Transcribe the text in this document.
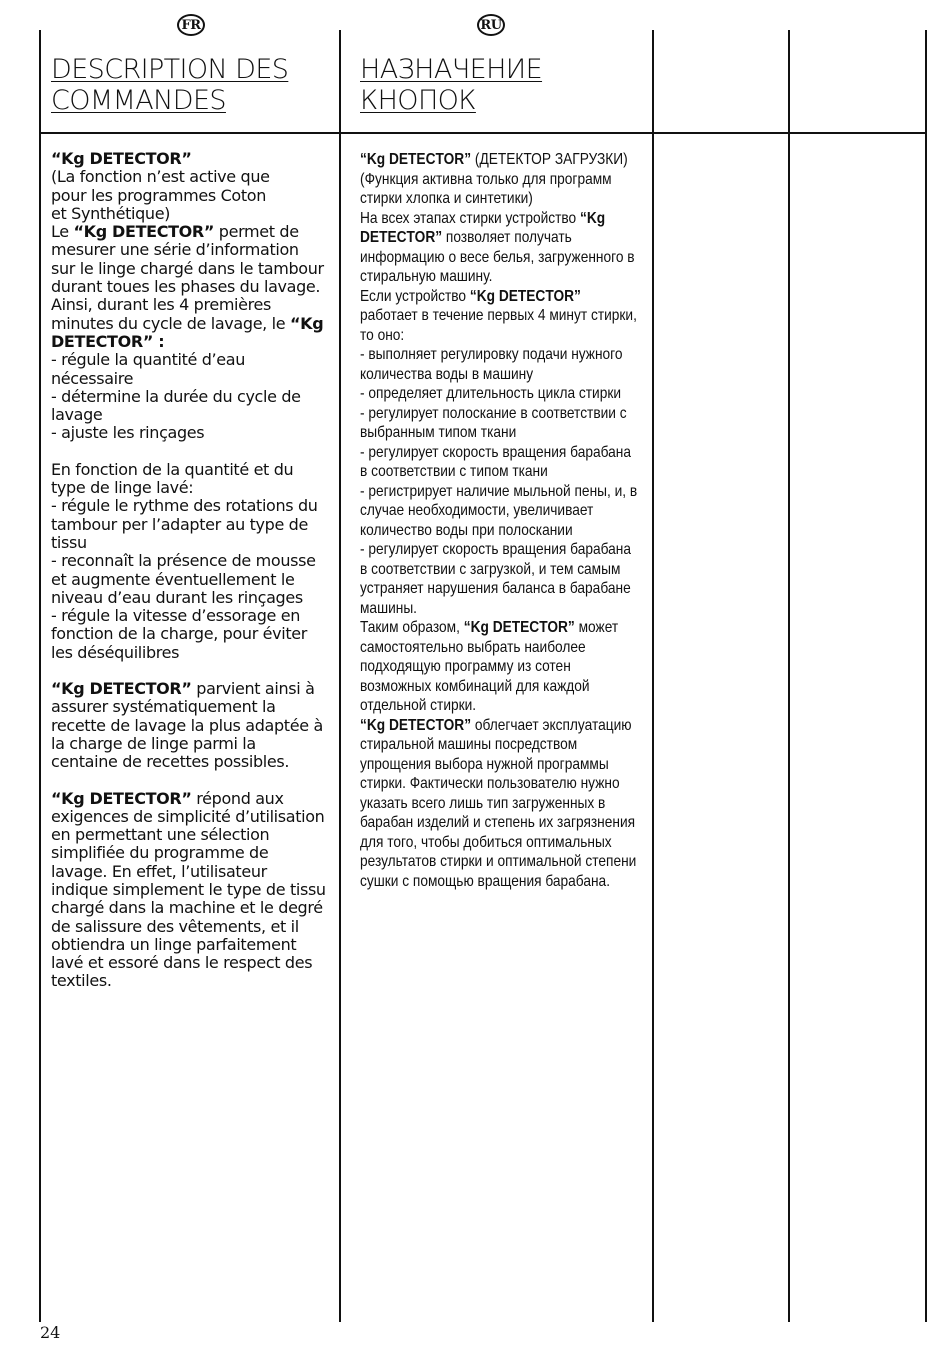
FR	RU
DESCRIPTION DES
COMMANDES
НАЗНАЧЕНИЕ
КНОПОК

“Kg DETECTOR”

(La fonction n’est active que
pour les programmes Coton
et Synthétique)

Le “Kg DETECTOR” permet de mesurer une série d’information sur le linge chargé dans le tambour durant toues les phases du lavage.

Ainsi, durant les 4 premières minutes du cycle de lavage, le “Kg DETECTOR” :

- régule la quantité d’eau nécessaire

- détermine la durée du cycle de lavage

- ajuste les rinçages

En fonction de la quantité et du type de linge lavé:

- régule le rythme des rotations du tambour per l’adapter au type de tissu

- reconnaît la présence de mousse et augmente éventuellement le niveau d’eau durant les rinçages

- régule la vitesse d’essorage en fonction de la charge, pour éviter les déséquilibres

“Kg DETECTOR” parvient ainsi à assurer systématiquement la recette de lavage la plus adaptée à la charge de linge parmi la centaine de recettes possibles.

“Kg DETECTOR” répond aux exigences de simplicité d’utilisation en permettant une sélection simplifiée du programme de lavage. En effet, l’utilisateur indique simplement le type de tissu chargé dans la machine et le degré de salissure des vêtements, et il obtiendra un linge parfaitement lavé et essoré dans le respect des textiles.

“Kg DETECTOR” (ДЕТЕКТОР ЗАГРУЗКИ)

(Функция активна только для программ стирки хлопка и синтетики)

На всех этапах стирки устройство “Kg DETECTOR” позволяет получать информацию о весе белья, загруженного в стиральную машину.

Если устройство “Kg DETECTOR” работает в течение первых 4 минут стирки, то оно:

- выполняет регулировку подачи нужного количества воды в машину

- определяет длительность цикла стирки

- регулирует полоскание в соответствии с выбранным типом ткани

- регулирует скорость вращения барабана в соответствии с типом ткани

- регистрирует наличие мыльной пены, и, в случае необходимости, увеличивает количество воды при полоскании

- регулирует скорость вращения барабана в соответствии с загрузкой, и тем самым устраняет нарушения баланса в барабане машины.

Таким образом, “Kg DETECTOR” может самостоятельно выбрать наиболее подходящую программу из сотен возможных комбинаций для каждой отдельной стирки.

“Kg DETECTOR” облегчает эксплуатацию стиральной машины посредством упрощения выбора нужной программы стирки. Фактически пользователю нужно указать всего лишь тип загруженных в барабан изделий и степень их загрязнения для того, чтобы добиться оптимальных результатов стирки и оптимальной степени сушки с помощью вращения барабана.

24
